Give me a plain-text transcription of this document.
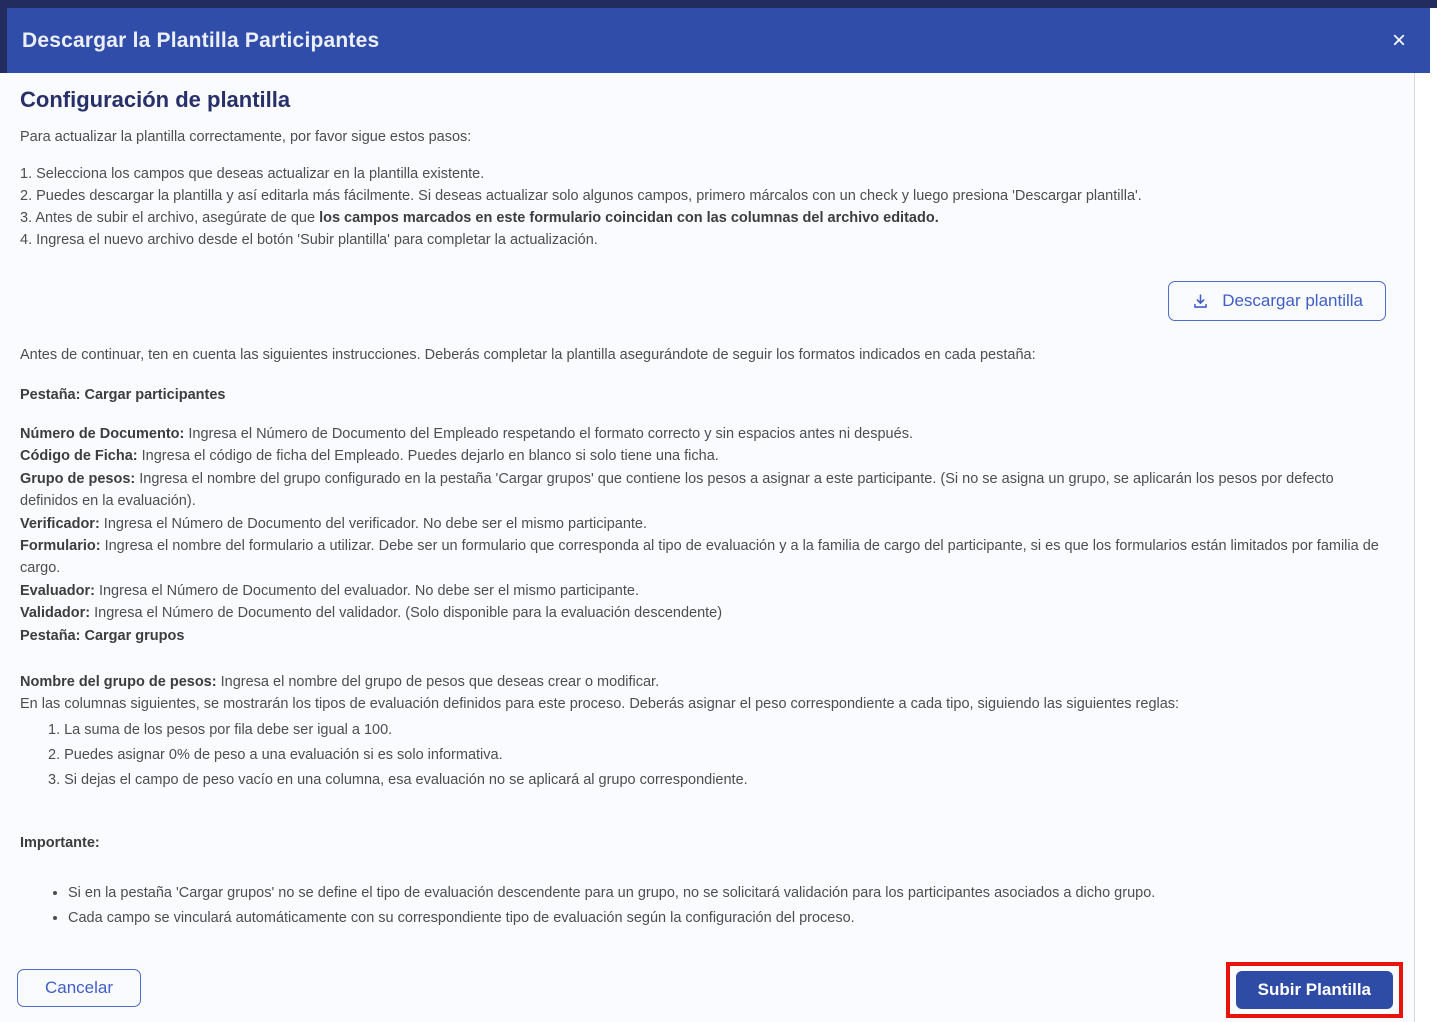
Descargar la Plantilla Participantes	×
Configuración de plantilla
Para actualizar la plantilla correctamente, por favor sigue estos pasos:
1. Selecciona los campos que deseas actualizar en la plantilla existente.
2. Puedes descargar la plantilla y así editarla más fácilmente. Si deseas actualizar solo algunos campos, primero márcalos con un check y luego presiona 'Descargar plantilla'.
3. Antes de subir el archivo, asegúrate de que los campos marcados en este formulario coincidan con las columnas del archivo editado.
4. Ingresa el nuevo archivo desde el botón 'Subir plantilla' para completar la actualización.
Descargar plantilla
Antes de continuar, ten en cuenta las siguientes instrucciones. Deberás completar la plantilla asegurándote de seguir los formatos indicados en cada pestaña:
Pestaña: Cargar participantes
Número de Documento: Ingresa el Número de Documento del Empleado respetando el formato correcto y sin espacios antes ni después.
Código de Ficha: Ingresa el código de ficha del Empleado. Puedes dejarlo en blanco si solo tiene una ficha.
Grupo de pesos: Ingresa el nombre del grupo configurado en la pestaña 'Cargar grupos' que contiene los pesos a asignar a este participante. (Si no se asigna un grupo, se aplicarán los pesos por defecto definidos en la evaluación).
Verificador: Ingresa el Número de Documento del verificador. No debe ser el mismo participante.
Formulario: Ingresa el nombre del formulario a utilizar. Debe ser un formulario que corresponda al tipo de evaluación y a la familia de cargo del participante, si es que los formularios están limitados por familia de cargo.
Evaluador: Ingresa el Número de Documento del evaluador. No debe ser el mismo participante.
Validador: Ingresa el Número de Documento del validador. (Solo disponible para la evaluación descendente)
Pestaña: Cargar grupos
Nombre del grupo de pesos: Ingresa el nombre del grupo de pesos que deseas crear o modificar.
En las columnas siguientes, se mostrarán los tipos de evaluación definidos para este proceso. Deberás asignar el peso correspondiente a cada tipo, siguiendo las siguientes reglas:
1. La suma de los pesos por fila debe ser igual a 100.
2. Puedes asignar 0% de peso a una evaluación si es solo informativa.
3. Si dejas el campo de peso vacío en una columna, esa evaluación no se aplicará al grupo correspondiente.
Importante:
• Si en la pestaña 'Cargar grupos' no se define el tipo de evaluación descendente para un grupo, no se solicitará validación para los participantes asociados a dicho grupo.
• Cada campo se vinculará automáticamente con su correspondiente tipo de evaluación según la configuración del proceso.
Cancelar	Subir Plantilla
